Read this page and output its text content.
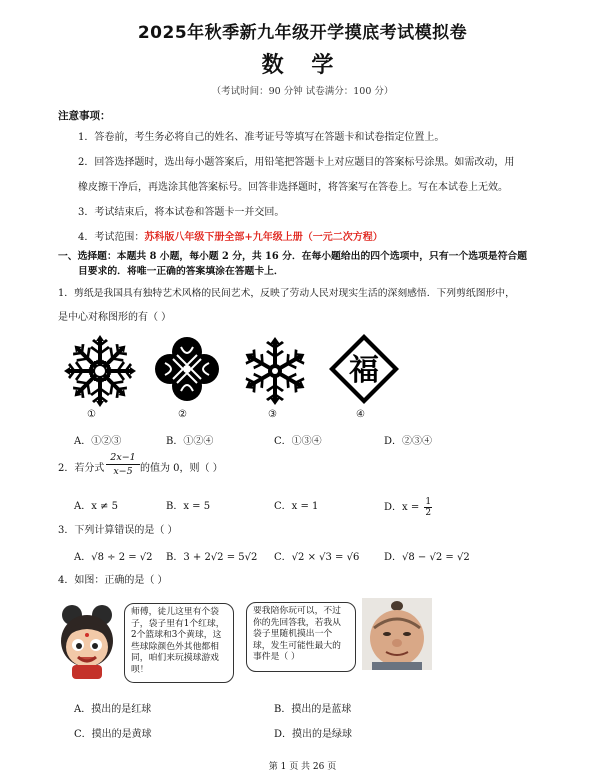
2025年秋季新九年级开学摸底考试模拟卷
数 学
（考试时间：90 分钟 试卷满分：100 分）
注意事项：
1．答卷前，考生务必将自己的姓名、准考证号等填写在答题卡和试卷指定位置上。
2．回答选择题时，选出每小题答案后，用铅笔把答题卡上对应题目的答案标号涂黑。如需改动，用
橡皮擦干净后，再选涂其他答案标号。回答非选择题时，将答案写在答卷上。写在本试卷上无效。
3．考试结束后，将本试卷和答题卡一并交回。
4．考试范围：苏科版八年级下册全部+九年级上册（一元二次方程）
一、选择题：本题共 8 小题，每小题 2 分，共 16 分．在每小题给出的四个选项中，只有一个选项是符合题
目要求的．将唯一正确的答案填涂在答题卡上．
1．剪纸是我国具有独特艺术风格的民间艺术，反映了劳动人民对现实生活的深刻感悟．下列剪纸图形中，
是中心对称图形的有（ ）
福
①	②	③	④
A．①②③	B．①②④	C．①③④	D．②③④
2．若分式 $\frac{2x-1}{x-5}$ 的值为 0，则（ ）
A．x ≠ 5	B．x = 5	C．x = 1	D．$x = \frac{1}{2}$
3．下列计算错误的是（ ）
A．√8 ÷ 2 = √2 B．3 + 2√2 = 5√2 C．√2 × √3 = √6 D．√8 − √2 = √2
4．如图：正确的是（ ）
师傅，徒儿这里有个袋子，袋子里有1个红球，2个篮球和3个黄球，这些球除颜色外其他都相同，咱们来玩摸球游戏呗！
要我陪你玩可以，不过你的先回答我，若我从袋子里随机摸出一个球，发生可能性最大的事件是（ ）
A．摸出的是红球	B．摸出的是蓝球
C．摸出的是黄球	D．摸出的是绿球
第 1 页 共 26 页
